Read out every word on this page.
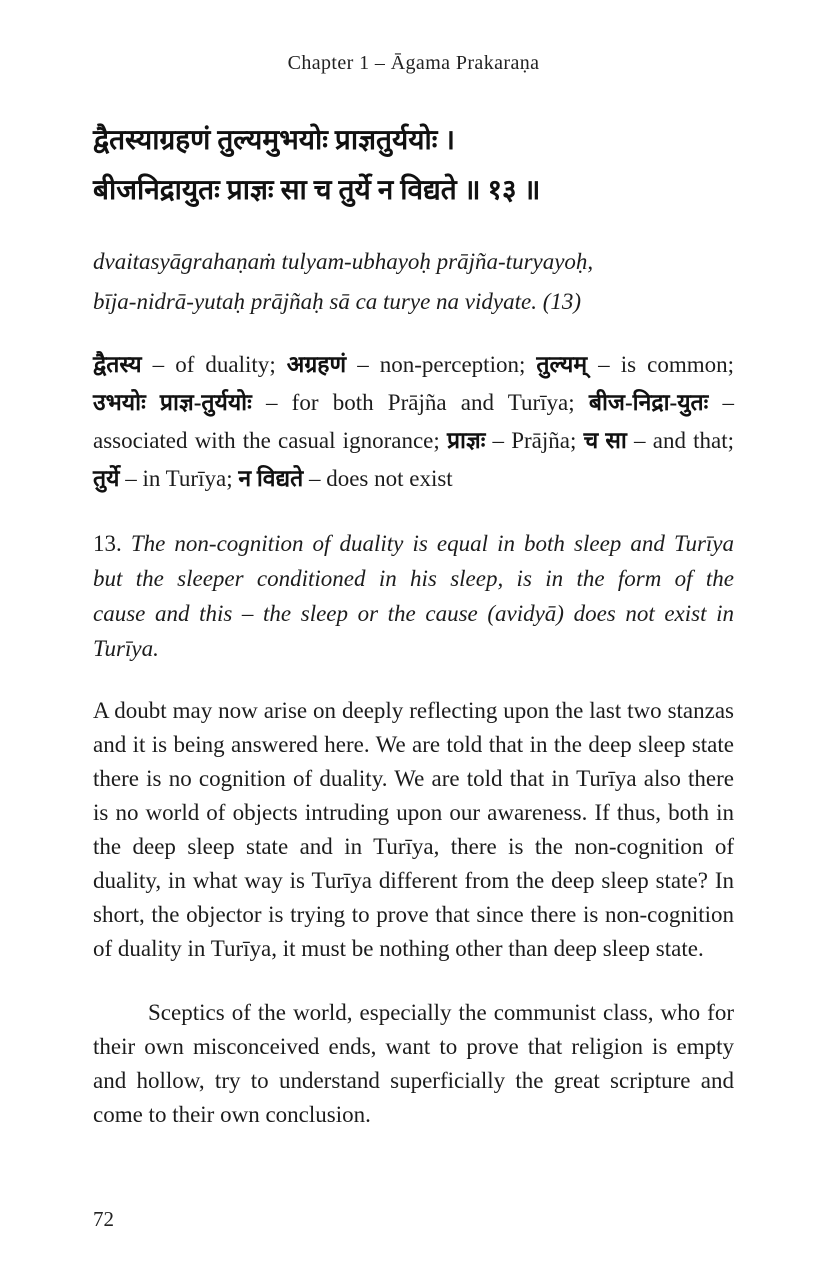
Chapter 1 – Āgama Prakaraṇa
द्वैतस्याग्रहणं तुल्यमुभयोः प्राज्ञतुर्ययोः ।
बीजनिद्रायुतः प्राज्ञः सा च तुर्ये न विद्यते ॥ १३ ॥
dvaitasyāgrahaṇaṁ tulyam-ubhayoḥ prājña-turyayoḥ,
bīja-nidrā-yutaḥ prājñaḥ sā ca turye na vidyate. (13)

द्वैतस्य – of duality; अग्रहणं – non-perception; तुल्यम् – is common; उभयोः प्राज्ञ-तुर्ययोः – for both Prājña and Turīya; बीज-निद्रा-युतः – associated with the casual ignorance; प्राज्ञः – Prājña; च सा – and that; तुर्ये – in Turīya; न विद्यते – does not exist

13. The non-cognition of duality is equal in both sleep and Turīya but the sleeper conditioned in his sleep, is in the form of the cause and this – the sleep or the cause (avidyā) does not exist in Turīya.

A doubt may now arise on deeply reflecting upon the last two stanzas and it is being answered here. We are told that in the deep sleep state there is no cognition of duality. We are told that in Turīya also there is no world of objects intruding upon our awareness. If thus, both in the deep sleep state and in Turīya, there is the non-cognition of duality, in what way is Turīya different from the deep sleep state? In short, the objector is trying to prove that since there is non-cognition of duality in Turīya, it must be nothing other than deep sleep state.

Sceptics of the world, especially the communist class, who for their own misconceived ends, want to prove that religion is empty and hollow, try to understand superficially the great scripture and come to their own conclusion.

72
